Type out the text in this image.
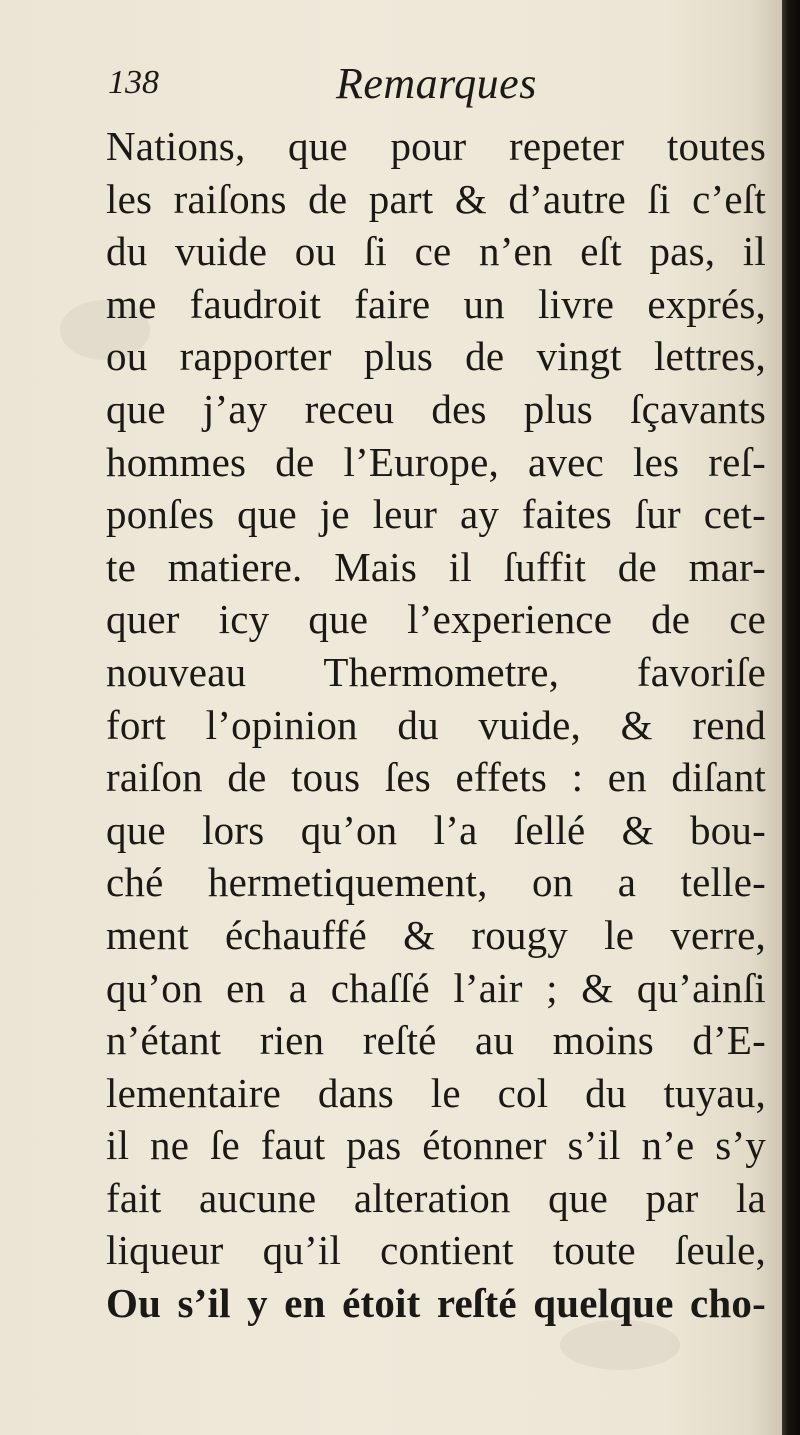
138	Remarques
Nations, que pour repeter toutes
les raiſons de part & d’autre ſi c’eſt
du vuide ou ſi ce n’en eſt pas, il
me faudroit faire un livre exprés,
ou rapporter plus de vingt lettres,
que j’ay receu des plus ſçavants
hommes de l’Europe, avec les reſ-
ponſes que je leur ay faites ſur cet-
te matiere. Mais il ſuffit de mar-
quer icy que l’experience de ce
nouveau Thermometre, favoriſe
fort l’opinion du vuide, & rend
raiſon de tous ſes effets : en diſant
que lors qu’on l’a ſellé & bou-
ché hermetiquement, on a telle-
ment échauffé & rougy le verre,
qu’on en a chaſſé l’air ; & qu’ainſi
n’étant rien reſté au moins d’E-
lementaire dans le col du tuyau,
il ne ſe faut pas étonner s’il n’e s’y
fait aucune alteration que par la
liqueur qu’il contient toute ſeule,
Ou s’il y en étoit reſté quelque cho-
